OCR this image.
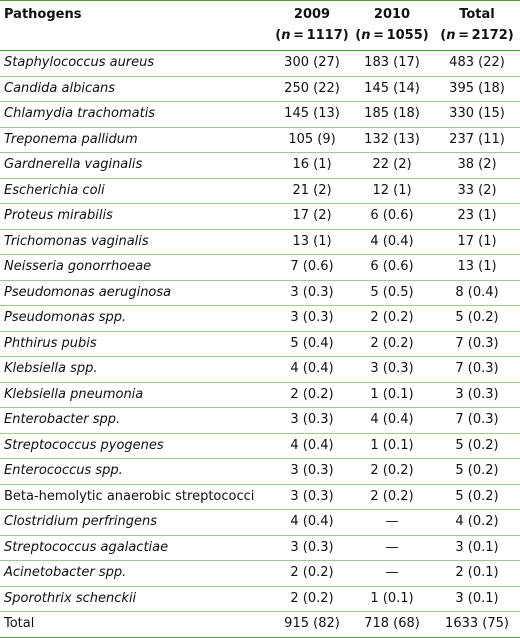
Pathogens	2009	2010	Total
	(n = 1117)	(n = 1055)	(n = 2172)
Staphylococcus aureus	300 (27)	183 (17)	483 (22)
Candida albicans	250 (22)	145 (14)	395 (18)
Chlamydia trachomatis	145 (13)	185 (18)	330 (15)
Treponema pallidum	105 (9)	132 (13)	237 (11)
Gardnerella vaginalis	16 (1)	22 (2)	38 (2)
Escherichia coli	21 (2)	12 (1)	33 (2)
Proteus mirabilis	17 (2)	6 (0.6)	23 (1)
Trichomonas vaginalis	13 (1)	4 (0.4)	17 (1)
Neisseria gonorrhoeae	7 (0.6)	6 (0.6)	13 (1)
Pseudomonas aeruginosa	3 (0.3)	5 (0.5)	8 (0.4)
Pseudomonas spp.	3 (0.3)	2 (0.2)	5 (0.2)
Phthirus pubis	5 (0.4)	2 (0.2)	7 (0.3)
Klebsiella spp.	4 (0.4)	3 (0.3)	7 (0.3)
Klebsiella pneumonia	2 (0.2)	1 (0.1)	3 (0.3)
Enterobacter spp.	3 (0.3)	4 (0.4)	7 (0.3)
Streptococcus pyogenes	4 (0.4)	1 (0.1)	5 (0.2)
Enterococcus spp.	3 (0.3)	2 (0.2)	5 (0.2)
Beta-hemolytic anaerobic streptococci	3 (0.3)	2 (0.2)	5 (0.2)
Clostridium perfringens	4 (0.4)	—	4 (0.2)
Streptococcus agalactiae	3 (0.3)	—	3 (0.1)
Acinetobacter spp.	2 (0.2)	—	2 (0.1)
Sporothrix schenckii	2 (0.2)	1 (0.1)	3 (0.1)
Total	915 (82)	718 (68)	1633 (75)
